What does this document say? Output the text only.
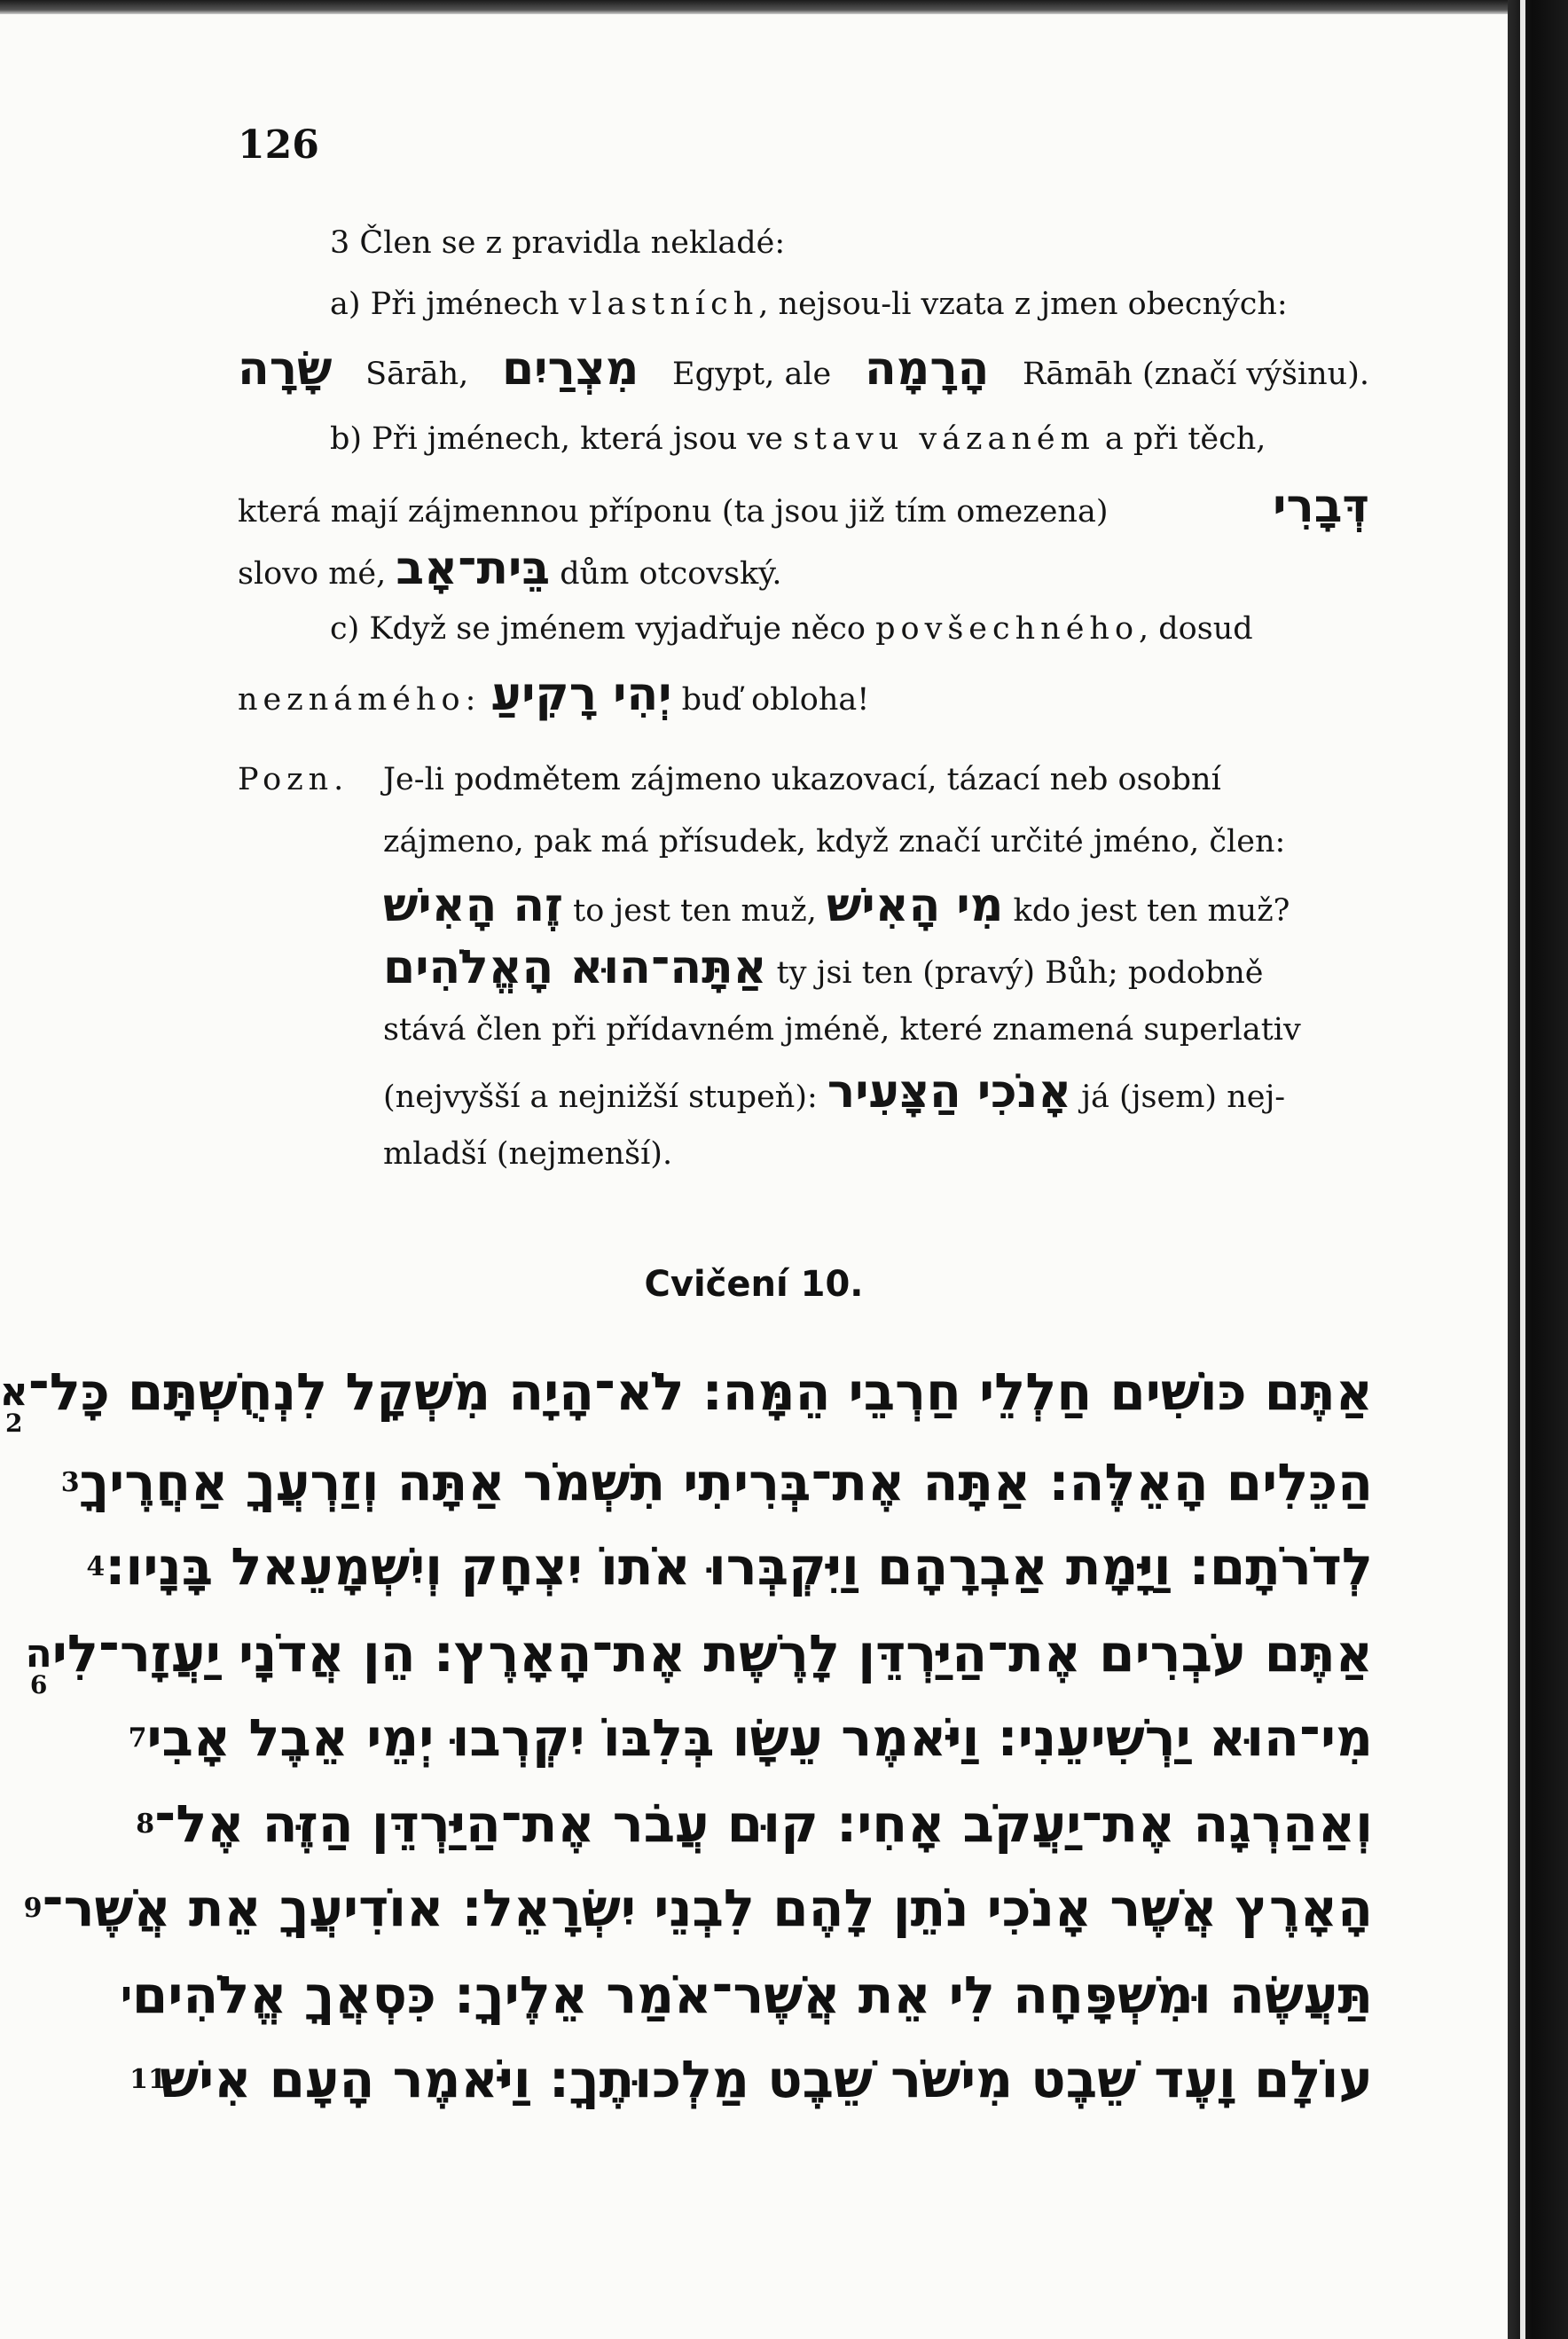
126
3 Člen se z pravidla nekladé:
a) Při jménech vlastních, nejsou-li vzata z jmen obecných:
שָׂרָה Sārāh, מִצְרַיִם Egypt, ale הָרָמָה Rāmāh (značí výšinu).
b) Při jménech, která jsou ve stavu vázaném a při těch,
která mají zájmennou příponu (ta jsou již tím omezena)	דְּבָרִי
slovo mé, בֵּית־אָב dům otcovský.
c) Když se jménem vyjadřuje něco povšechného, dosud
neznámého: יְהִי רָקִיעַ buď obloha!
Pozn.	Je-li podmětem zájmeno ukazovací, tázací neb osobní
zájmeno, pak má přísudek, když značí určité jméno, člen:
זֶה הָאִישׁ to jest ten muž, מִי הָאִישׁ kdo jest ten muž?
אַתָּה־הוּא הָאֱלֹהִים ty jsi ten (pravý) Bůh; podobně
stává člen při přídavném jméně, které znamená superlativ
(nejvyšší a nejnižší stupeň): אָנֹכִי הַצָּעִיר já (jsem) nej-
mladší (nejmenší).
Cvičení 10.
אַתֶּם כּוֹשִׁים חַלְלֵי חַרְבֵי הֵמָּה: לֹא־הָיָה מִשְׁקָל לִנְחֻשְׁתָּם כָּל־
א
2
הַכֵּלִים הָאֵלֶּה: אַתָּה אֶת־בְּרִיתִי תִשְׁמֹר אַתָּה וְזַרְעֲךָ אַחֲרֶיךָ
3
לְדֹרֹתָם: וַיָּמָת אַבְרָהָם וַיִּקְבְּרוּ אֹתוֹ יִצְחָק וְיִשְׁמָעֵאל בָּנָיו:
4
אַתֶּם עֹבְרִים אֶת־הַיַּרְדֵּן לָרֶשֶׁת אֶת־הָאָרֶץ: הֵן אֲדֹנָי יַעֲזָר־לִי
ה
6
מִי־הוּא יַרְשִׁיעֵנִי: וַיֹּאמֶר עֵשָׂו בְּלִבּוֹ יִקְרְבוּ יְמֵי אֵבֶל אָבִי
7
וְאַהַרְגָה אֶת־יַעֲקֹב אָחִי: קוּם עֲבֹר אֶת־הַיַּרְדֵּן הַזֶּה אֶל־
8
הָאָרֶץ אֲשֶׁר אָנֹכִי נֹתֵן לָהֶם לִבְנֵי יִשְׂרָאֵל: אוֹדִיעֲךָ אֵת אֲשֶׁר־
9
תַּעֲשֶׂה וּמִשְׁפָּחָה לִי אֵת אֲשֶׁר־אֹמַר אֵלֶיךָ: כִּסְאֲךָ אֱלֹהִים
י
עוֹלָם וָעֶד שֵׁבֶט מִישֹׁר שֵׁבֶט מַלְכוּתֶךָ: וַיֹּאמֶר הָעָם אִישׁ
11
